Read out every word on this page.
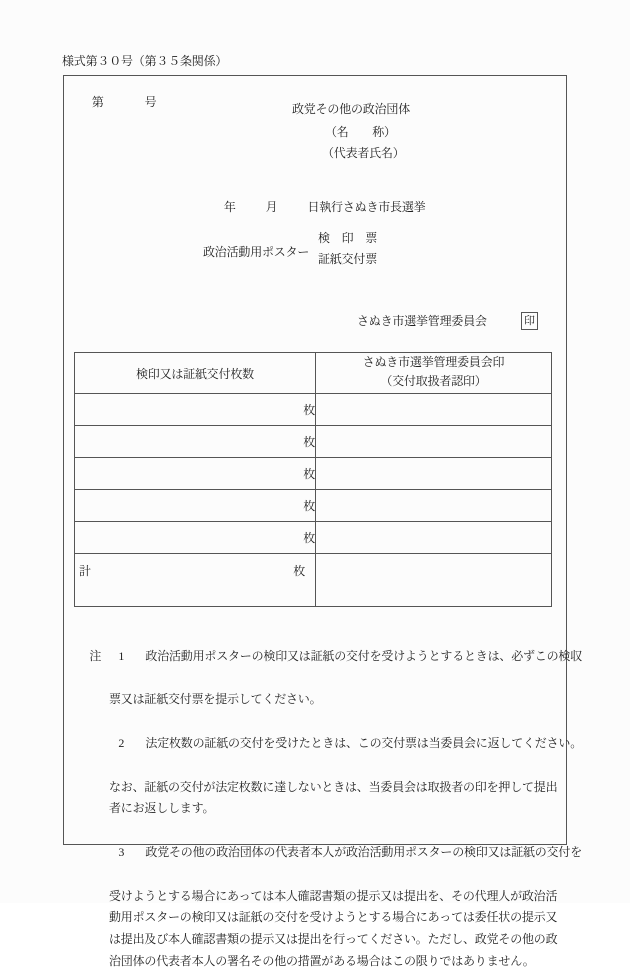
様式第３０号（第３５条関係）

第	号
	政党その他の政治団体
（名　　称）
（代表者氏名）

年	月	日執行さぬき市長選挙

政治活動用ポスター
検　印　票
証紙交付票
さぬき市選挙管理委員会	印
検印又は証紙交付枚数	さぬき市選挙管理委員会印
（交付取扱者認印）

枚	
枚	
枚	
枚	
枚	

計 枚	

注 1 政治活動用ポスターの検印又は証紙の交付を受けようとするときは、必ずこの検収

票又は証紙交付票を提示してください。

2 法定枚数の証紙の交付を受けたときは、この交付票は当委員会に返してください。

なお、証紙の交付が法定枚数に達しないときは、当委員会は取扱者の印を押して提出
者にお返しします。

3 政党その他の政治団体の代表者本人が政治活動用ポスターの検印又は証紙の交付を

受けようとする場合にあっては本人確認書類の提示又は提出を、その代理人が政治活
動用ポスターの検印又は証紙の交付を受けようとする場合にあっては委任状の提示又
は提出及び本人確認書類の提示又は提出を行ってください。ただし、政党その他の政
治団体の代表者本人の署名その他の措置がある場合はこの限りではありません。
